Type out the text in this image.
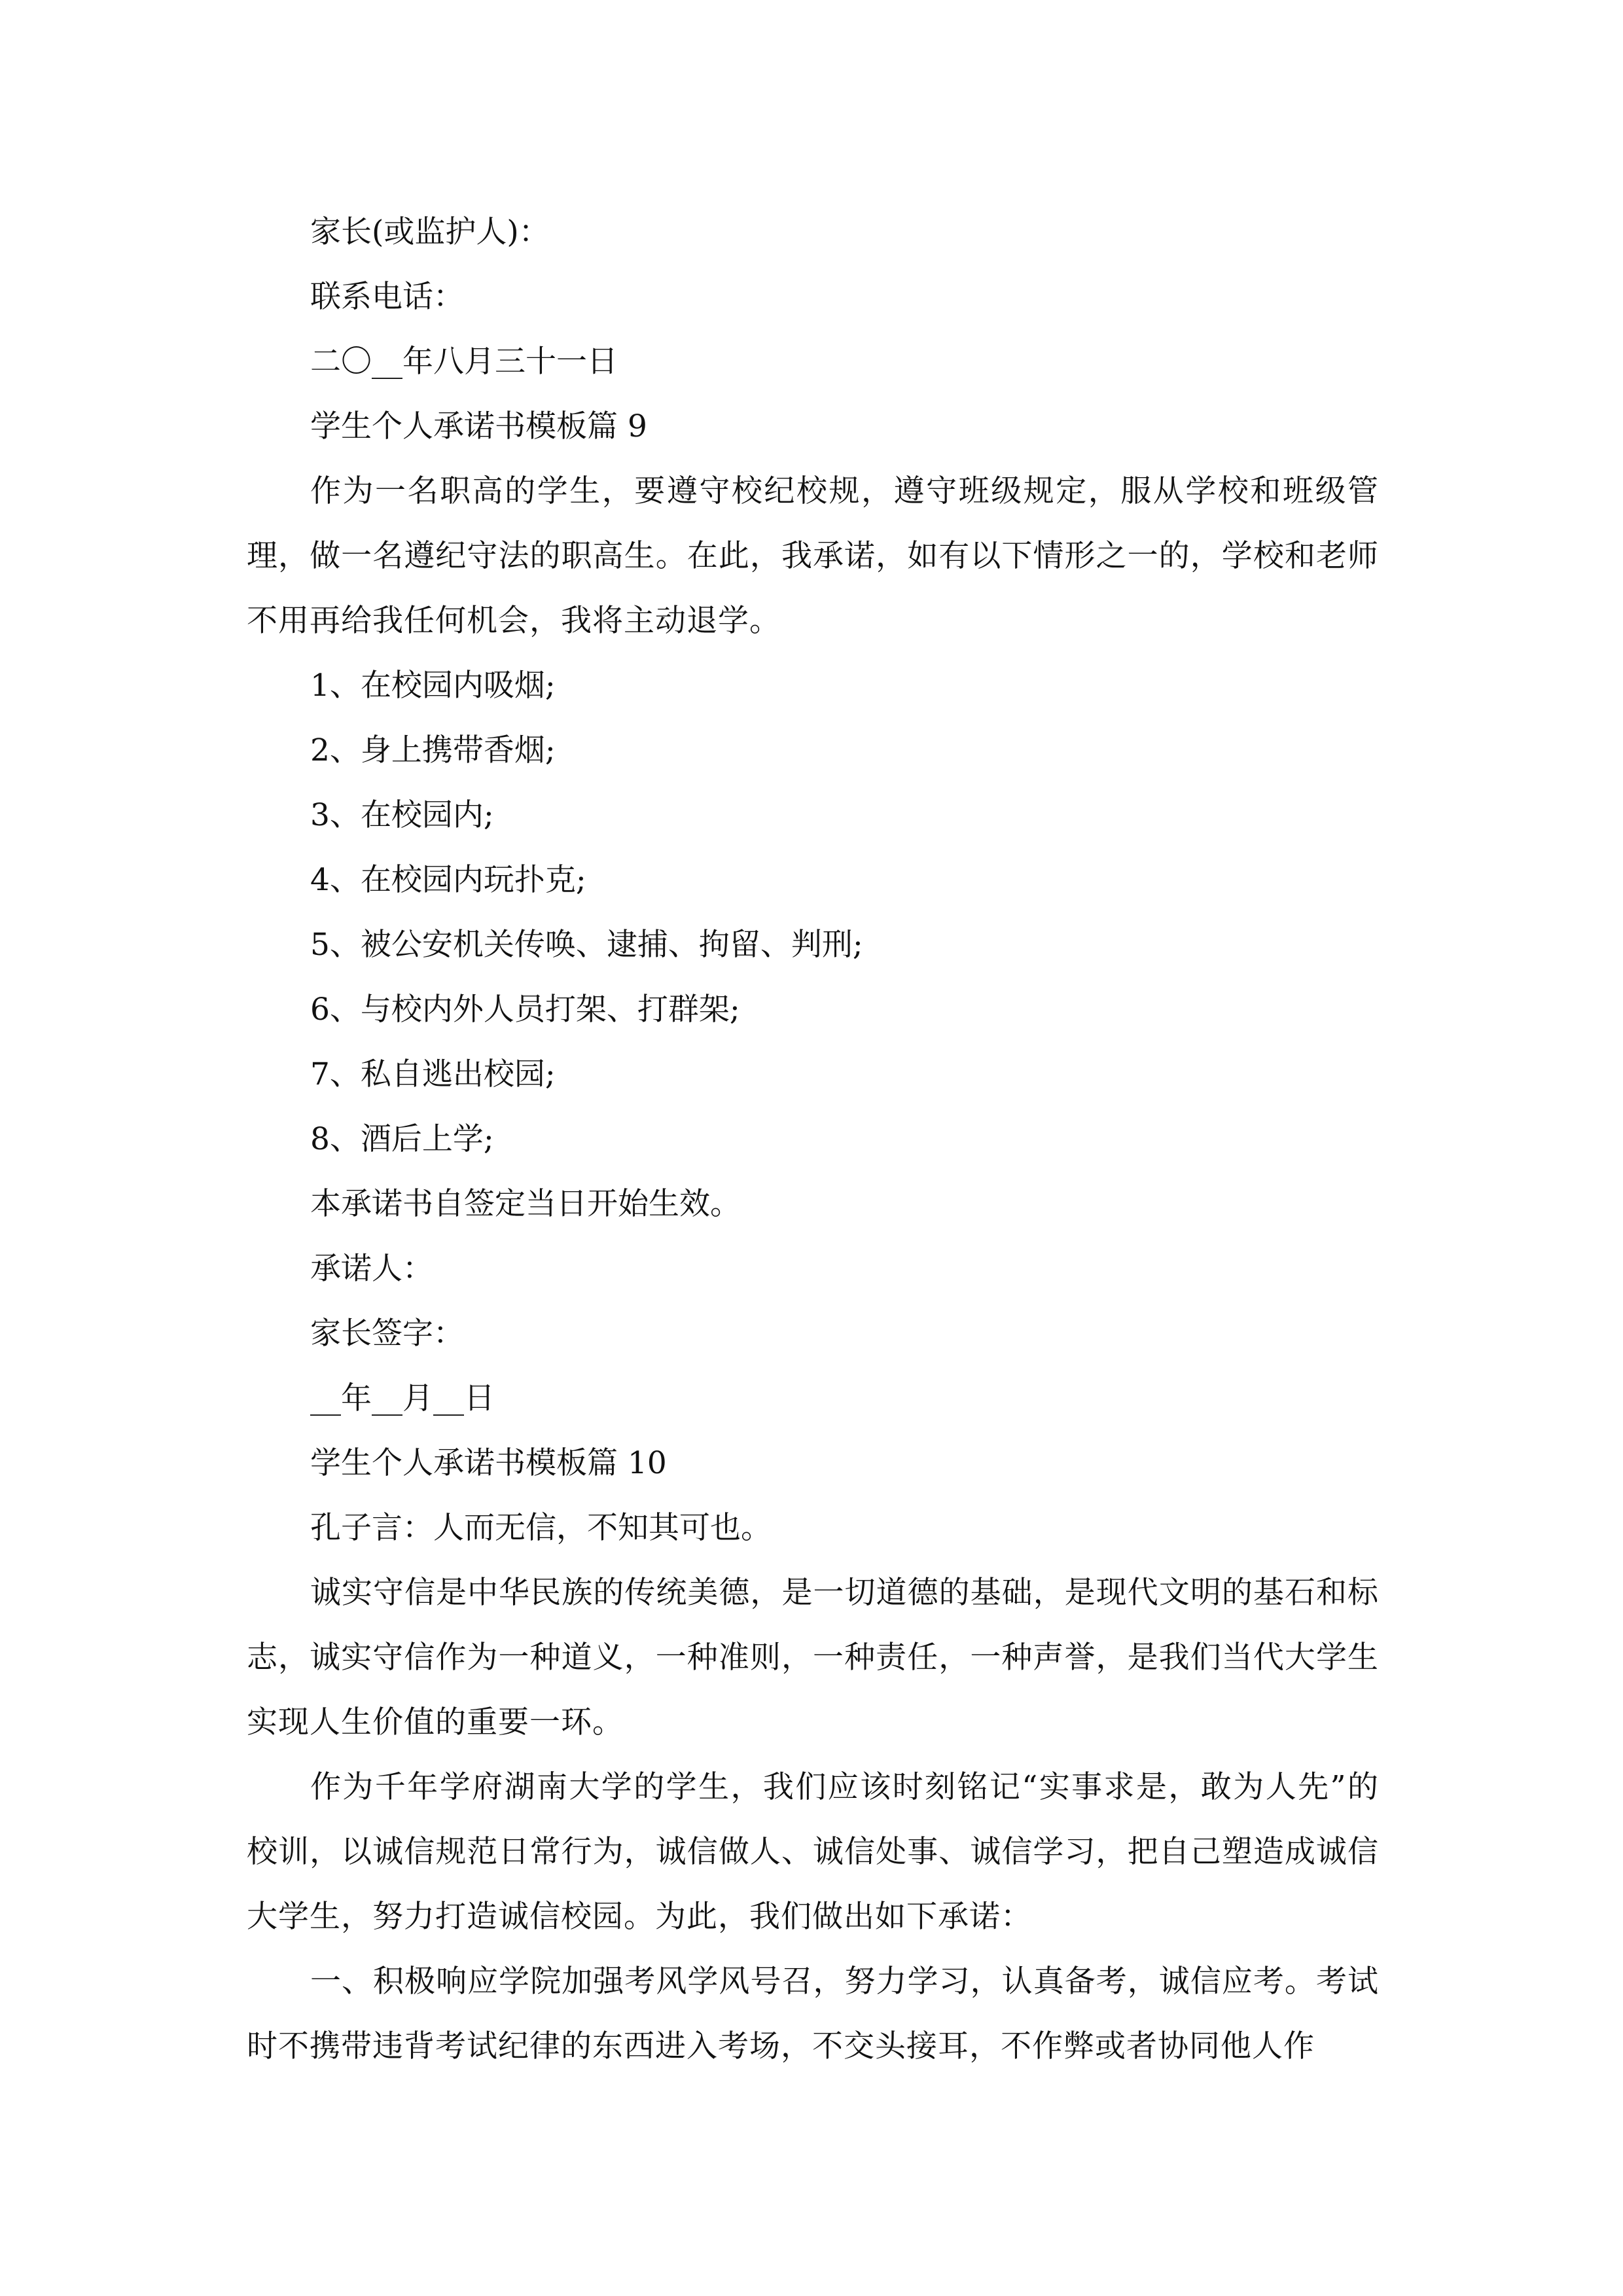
家长(或监护人)：
联系电话：
二〇__年八月三十一日
学生个人承诺书模板篇 9

作为一名职高的学生，要遵守校纪校规，遵守班级规定，服从学校和班级管理，做一名遵纪守法的职高生。在此，我承诺，如有以下情形之一的，学校和老师不用再给我任何机会，我将主动退学。

1、在校园内吸烟;
2、身上携带香烟;
3、在校园内;
4、在校园内玩扑克;
5、被公安机关传唤、逮捕、拘留、判刑;
6、与校内外人员打架、打群架;
7、私自逃出校园;
8、酒后上学;
本承诺书自签定当日开始生效。
承诺人：
家长签字：
__年__月__日
学生个人承诺书模板篇 10
孔子言：人而无信，不知其可也。

诚实守信是中华民族的传统美德，是一切道德的基础，是现代文明的基石和标志，诚实守信作为一种道义，一种准则，一种责任，一种声誉，是我们当代大学生实现人生价值的重要一环。

作为千年学府湖南大学的学生，我们应该时刻铭记“实事求是，敢为人先”的校训，以诚信规范日常行为，诚信做人、诚信处事、诚信学习，把自己塑造成诚信大学生，努力打造诚信校园。为此，我们做出如下承诺：

一、积极响应学院加强考风学风号召，努力学习，认真备考，诚信应考。考试时不携带违背考试纪律的东西进入考场，不交头接耳，不作弊或者协同他人作
